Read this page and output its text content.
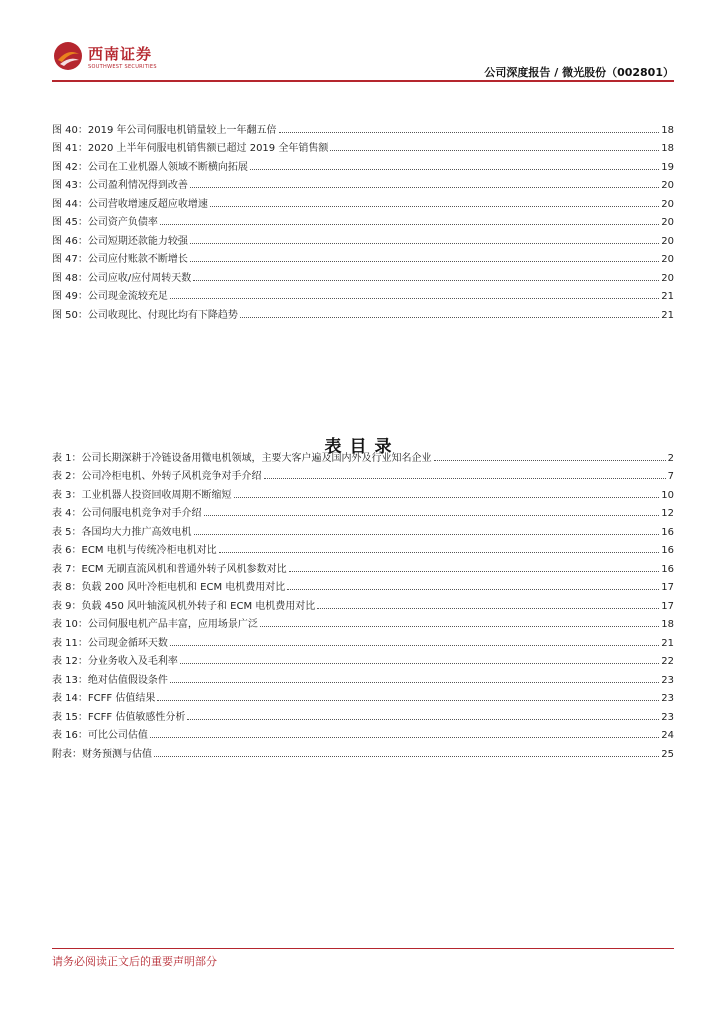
西南证券
SOUTHWEST SECURITIES	公司深度报告 / 微光股份（002801）
图 40：2019 年公司伺服电机销量较上一年翻五倍	18
图 41：2020 上半年伺服电机销售额已超过 2019 全年销售额	18
图 42：公司在工业机器人领域不断横向拓展	19
图 43：公司盈利情况得到改善	20
图 44：公司营收增速反超应收增速	20
图 45：公司资产负债率	20
图 46：公司短期还款能力较强	20
图 47：公司应付账款不断增长	20
图 48：公司应收/应付周转天数	20
图 49：公司现金流较充足	21
图 50：公司收现比、付现比均有下降趋势	21
表目录
表 1：公司长期深耕于冷链设备用微电机领域，主要大客户遍及国内外及行业知名企业	2
表 2：公司冷柜电机、外转子风机竞争对手介绍	7
表 3：工业机器人投资回收周期不断缩短	10
表 4：公司伺服电机竞争对手介绍	12
表 5：各国均大力推广高效电机	16
表 6：ECM 电机与传统冷柜电机对比	16
表 7：ECM 无刷直流风机和普通外转子风机参数对比	16
表 8：负载 200 风叶冷柜电机和 ECM 电机费用对比	17
表 9：负载 450 风叶轴流风机外转子和 ECM 电机费用对比	17
表 10：公司伺服电机产品丰富，应用场景广泛	18
表 11：公司现金循环天数	21
表 12：分业务收入及毛利率	22
表 13：绝对估值假设条件	23
表 14：FCFF 估值结果	23
表 15：FCFF 估值敏感性分析	23
表 16：可比公司估值	24
附表：财务预测与估值	25
请务必阅读正文后的重要声明部分
